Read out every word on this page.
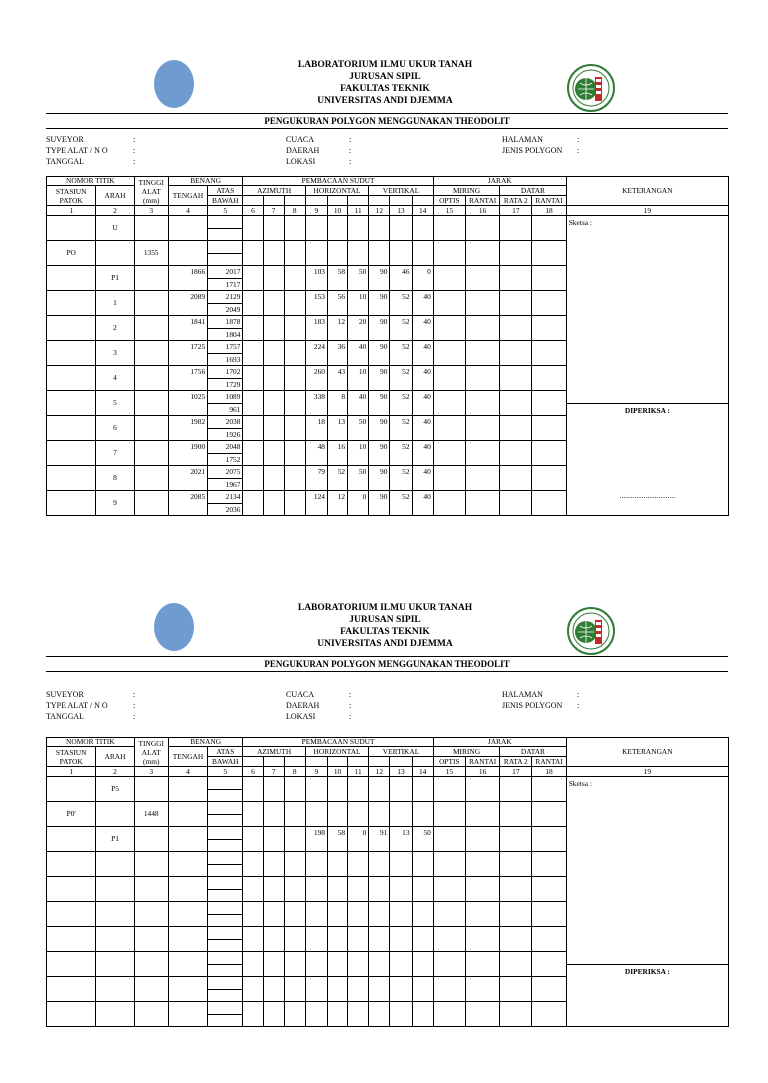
LABORATORIUM ILMU UKUR TANAH
JURUSAN SIPIL
FAKULTAS TEKNIK
UNIVERSITAS ANDI DJEMMA
PENGUKURAN POLYGON MENGGUNAKAN THEODOLIT
SUVEYOR
TYPE ALAT / N O
TANGGAL
:
:
:
CUACA
DAERAH
LOKASI
:
:
:
HALAMAN
JENIS POLYGON
:
:
NOMOR TITIK		TINGGI ALAT (mm)	BENANG		PEMBACAAN SUDUT									JARAK				KETERANGAN
STASIUN PATOK	ARAH		TENGAH	ATAS	AZIMUTH			HORIZONTAL			VERTIKAL			MIRING		DATAR		
				BAWAH										OPTIS	RANTAI	RATA 2	RANTAI	
1	2	3	4	5	6	7	8	9	10	11	12	13	14	15	16	17	18	19
	U																	Sketsa :

PO		1355																

	P1		1866	2017				103	58	50	90	46	0					
				1717														
	1		2089	2129				153	56	10	90	52	40					
				2049														
	2		1841	1878				183	12	20	90	52	40					
				1804														
	3		1725	1757				224	36	40	90	52	40					
				1693														
	4		1756	1702				260	43	10	90	52	40					
				1729														
	5		1025	1089				338	8	40	90	52	40					
				961														DIPERIKSA :
..............................

	6		1982	2038				18	13	50	90	52	40					
				1926														
	7		1900	2048				48	16	10	90	52	40					
				1752														
	8		2021	2075				79	52	50	90	52	40					
				1967														
	9		2085	2134				124	12	0	90	52	40					
				2036														
LABORATORIUM ILMU UKUR TANAH
JURUSAN SIPIL
FAKULTAS TEKNIK
UNIVERSITAS ANDI DJEMMA
PENGUKURAN POLYGON MENGGUNAKAN THEODOLIT
SUVEYOR
TYPE ALAT / N O
TANGGAL
:
:
:
CUACA
DAERAH
LOKASI
:
:
:
HALAMAN
JENIS POLYGON
:
:
NOMOR TITIK		TINGGI ALAT (mm)	BENANG		PEMBACAAN SUDUT									JARAK				KETERANGAN
STASIUN PATOK	ARAH		TENGAH	ATAS	AZIMUTH			HORIZONTAL			VERTIKAL			MIRING		DATAR		
				BAWAH										OPTIS	RANTAI	RATA 2	RANTAI	
1	2	3	4	5	6	7	8	9	10	11	12	13	14	15	16	17	18	19
	P5																	Sketsa :

P0'		1448																

	P1							198	58	0	91	13	50					

																		DIPERIKSA :
